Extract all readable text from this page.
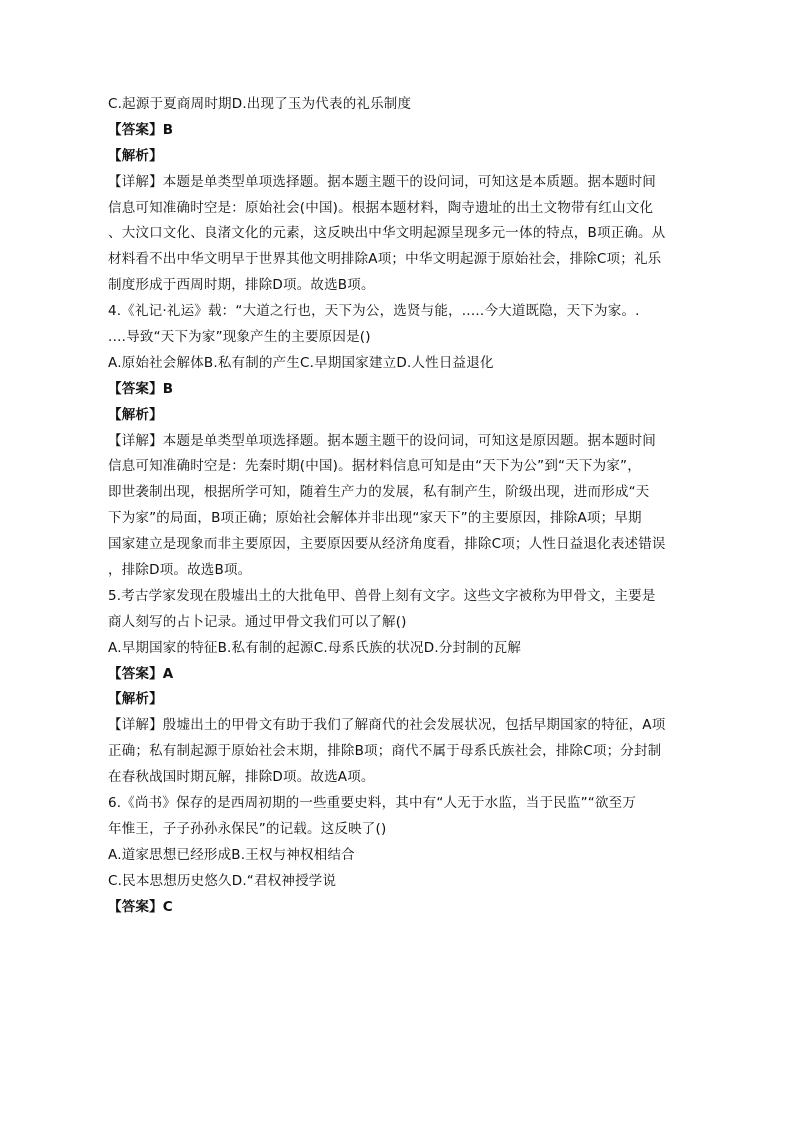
C.起源于夏商周时期D.出现了玉为代表的礼乐制度
【答案】B
【解析】
【详解】本题是单类型单项选择题。据本题主题干的设问词，可知这是本质题。据本题时间
信息可知准确时空是：原始社会(中国)。根据本题材料，陶寺遗址的出土文物带有红山文化
、大汶口文化、良渚文化的元素，这反映出中华文明起源呈现多元一体的特点，B项正确。从
材料看不出中华文明早于世界其他文明排除A项；中华文明起源于原始社会，排除C项；礼乐
制度形成于西周时期，排除D项。故选B项。
4.《礼记·礼运》载：“大道之行也，天下为公，选贤与能，..…今大道既隐，天下为家。.
.…导致“天下为家”现象产生的主要原因是()
A.原始社会解体B.私有制的产生C.早期国家建立D.人性日益退化
【答案】B
【解析】
【详解】本题是单类型单项选择题。据本题主题干的设问词，可知这是原因题。据本题时间
信息可知准确时空是：先秦时期(中国)。据材料信息可知是由“天下为公”到“天下为家”，
即世袭制出现，根据所学可知，随着生产力的发展，私有制产生，阶级出现，进而形成“天
下为家”的局面，B项正确；原始社会解体并非出现“家天下”的主要原因，排除A项；早期
国家建立是现象而非主要原因，主要原因要从经济角度看，排除C项；人性日益退化表述错误
，排除D项。故选B项。
5.考古学家发现在殷墟出土的大批龟甲、兽骨上刻有文字。这些文字被称为甲骨文，主要是
商人刻写的占卜记录。通过甲骨文我们可以了解()
A.早期国家的特征B.私有制的起源C.母系氏族的状况D.分封制的瓦解
【答案】A
【解析】
【详解】殷墟出土的甲骨文有助于我们了解商代的社会发展状况，包括早期国家的特征，A项
正确；私有制起源于原始社会末期，排除B项；商代不属于母系氏族社会，排除C项；分封制
在春秋战国时期瓦解，排除D项。故选A项。
6.《尚书》保存的是西周初期的一些重要史料，其中有“人无于水监，当于民监”“欲至万
年惟王，子子孙孙永保民”的记载。这反映了()
A.道家思想已经形成B.王权与神权相结合
C.民本思想历史悠久D.“君权神授学说
【答案】C
